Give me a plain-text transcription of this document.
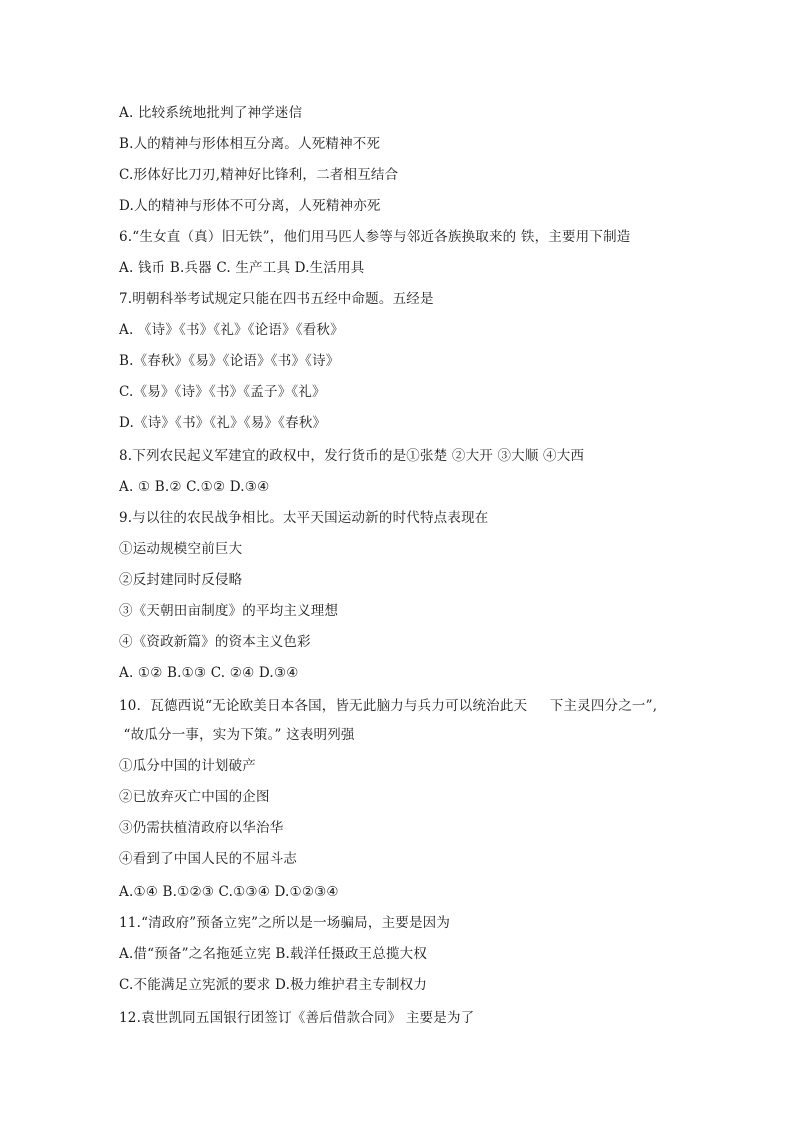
A. 比较系统地批判了神学迷信
B.人的精神与形体相互分离。人死精神不死
C.形体好比刀刃,精神好比锋利，二者相互结合
D.人的精神与形体不可分离，人死精神亦死
6.“生女直（真）旧无铁”，他们用马匹人参等与邻近各族换取来的 铁，主要用下制造
A. 钱币 B.兵器 C. 生产工具 D.生活用具
7.明朝科举考试规定只能在四书五经中命题。五经是
A. 《诗》《书》《礼》《论语》《看秋》
B.《春秋》《易》《论语》《书》《诗》
C.《易》《诗》《书》《孟子》《礼》
D.《诗》《书》《礼》《易》《春秋》
8.下列农民起义军建宜的政权中，发行货币的是①张楚 ②大开 ③大顺 ④大西
A. ① B.② C.①② D.③④
9.与以往的农民战争相比。太平天国运动新的时代特点表现在
①运动规模空前巨大
②反封建同时反侵略
③《天朝田亩制度》的平均主义理想
④《资政新篇》的资本主义色彩
A. ①② B.①③ C. ②④ D.③④
10．瓦德西说“无论欧美日本各国，皆无此脑力与兵力可以统治此天     下主灵四分之一”,
“故瓜分一事，实为下策。” 这表明列强
①瓜分中国的计划破产
②已放弃灭亡中国的企图
③仍需扶植清政府以华治华
④看到了中国人民的不屈斗志
A.①④ B.①②③ C.①③④ D.①②③④
11.“清政府”预备立宪”之所以是一场骗局，主要是因为
A.借“预备”之名拖延立宪 B.载洋任摄政王总揽大权
C.不能满足立宪派的要求 D.极力维护君主专制权力
12.袁世凯同五国银行团签订《善后借款合同》 主要是为了
